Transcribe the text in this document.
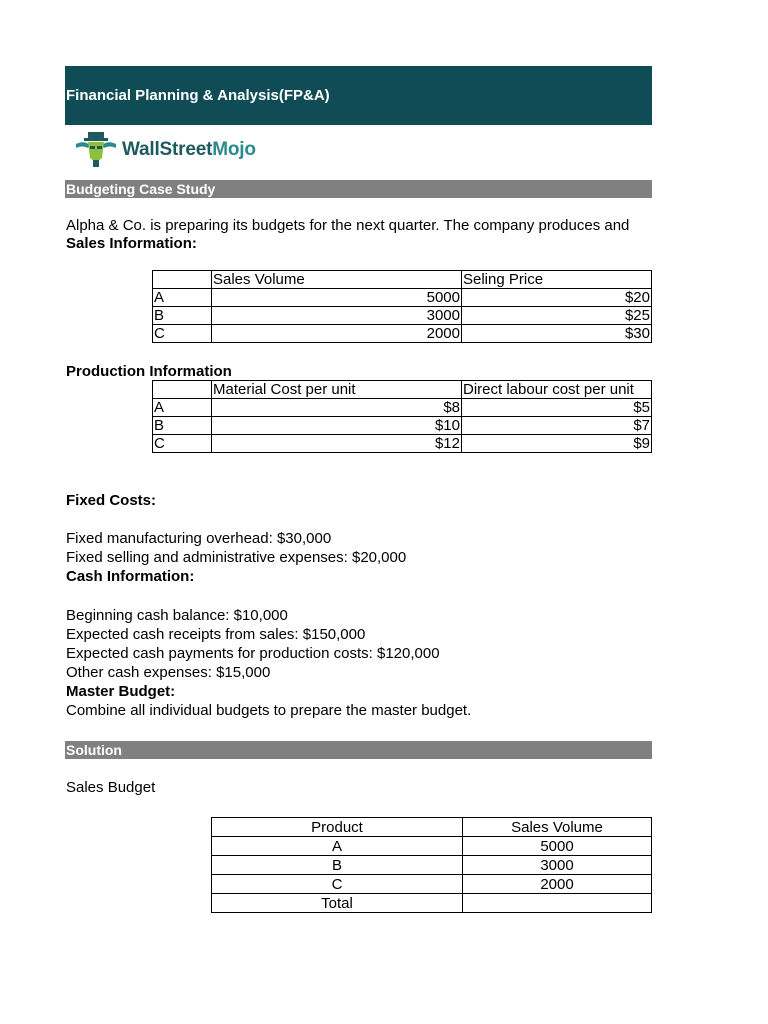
Financial Planning & Analysis(FP&A)
WallStreetMojo
Budgeting Case Study
Alpha & Co. is preparing its budgets for the next quarter. The company produces and
Sales Information:
	Sales Volume	Seling Price
A	5000	$20
B	3000	$25
C	2000	$30
Production Information
	Material Cost per unit	Direct labour cost per unit
A	$8	$5
B	$10	$7
C	$12	$9
Fixed Costs:
Fixed manufacturing overhead: $30,000
Fixed selling and administrative expenses: $20,000
Cash Information:
Beginning cash balance: $10,000
Expected cash receipts from sales: $150,000
Expected cash payments for production costs: $120,000
Other cash expenses: $15,000
Master Budget:
Combine all individual budgets to prepare the master budget.
Solution
Sales Budget
Product	Sales Volume
A	5000
B	3000
C	2000
Total	
